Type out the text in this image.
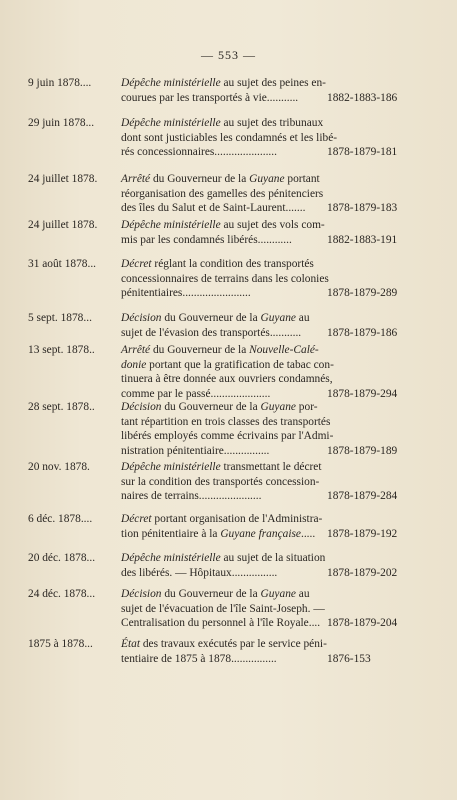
— 553 —
9 juin 1878....	Dépêche ministérielle au sujet des peines en-
courues par les transportés à vie...........	1882-1883-186
29 juin 1878...	Dépêche ministérielle au sujet des tribunaux
dont sont justiciables les condamnés et les libé-
rés concessionnaires......................	1878-1879-181
24 juillet 1878.	Arrêté du Gouverneur de la Guyane portant
réorganisation des gamelles des pénitenciers
des îles du Salut et de Saint-Laurent.......	1878-1879-183
24 juillet 1878.	Dépêche ministérielle au sujet des vols com-
mis par les condamnés libérés............	1882-1883-191
31 août 1878...	Décret réglant la condition des transportés
concessionnaires de terrains dans les colonies
pénitentiaires........................	1878-1879-289
5 sept. 1878...	Décision du Gouverneur de la Guyane au
sujet de l'évasion des transportés...........	1878-1879-186
13 sept. 1878..	Arrêté du Gouverneur de la Nouvelle-Calé-
donie portant que la gratification de tabac con-
tinuera à être donnée aux ouvriers condamnés,
comme par le passé.....................	1878-1879-294
28 sept. 1878..	Décision du Gouverneur de la Guyane por-
tant répartition en trois classes des transportés
libérés employés comme écrivains par l'Admi-
nistration pénitentiaire................	1878-1879-189
20 nov. 1878.	Dépêche ministérielle transmettant le décret
sur la condition des transportés concession-
naires de terrains......................	1878-1879-284
6 déc. 1878....	Décret portant organisation de l'Administra-
tion pénitentiaire à la Guyane française.....	1878-1879-192
20 déc. 1878...	Dépêche ministérielle au sujet de la situation
des libérés. — Hôpitaux................	1878-1879-202
24 déc. 1878...	Décision du Gouverneur de la Guyane au
sujet de l'évacuation de l'île Saint-Joseph. —
Centralisation du personnel à l'île Royale.... 1878-1879-204
1875 à 1878...	État des travaux exécutés par le service péni-
tentiaire de 1875 à 1878................	1876-153
